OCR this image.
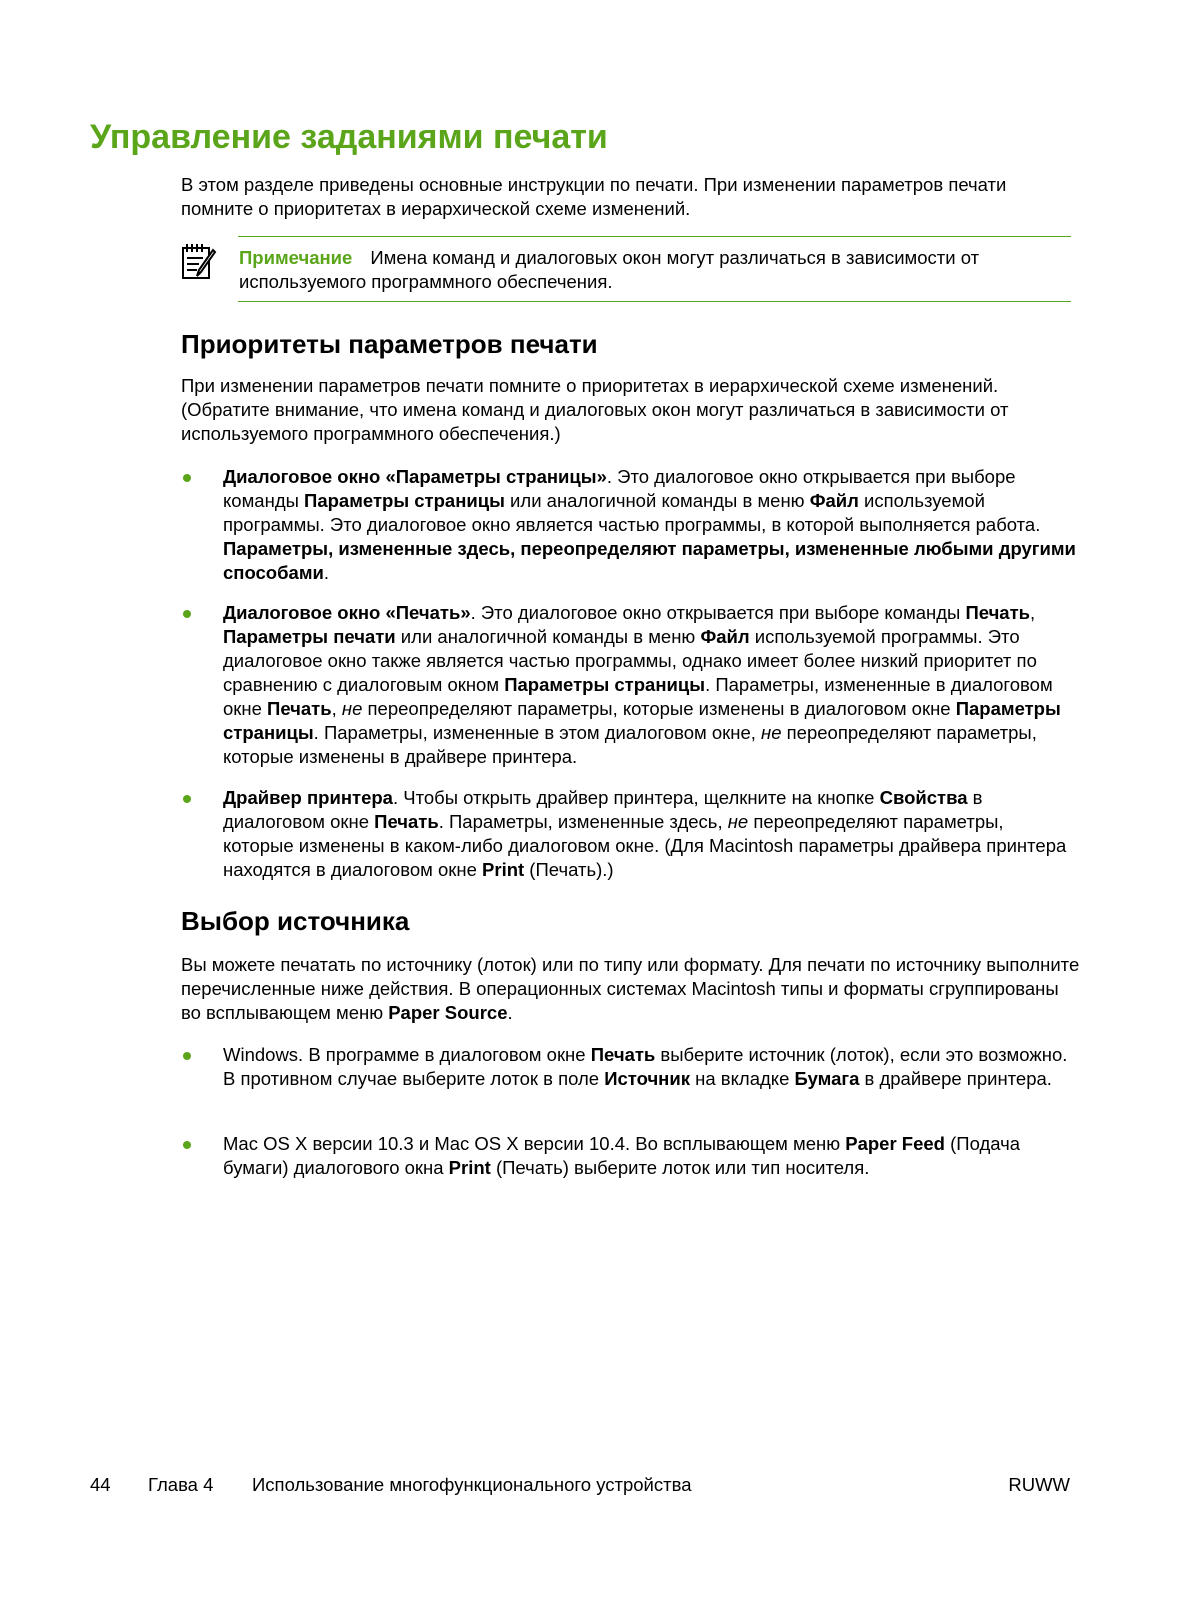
Управление заданиями печати

В этом разделе приведены основные инструкции по печати. При изменении параметров печати помните о приоритетах в иерархической схеме изменений.

Примечание Имена команд и диалоговых окон могут различаться в зависимости от используемого программного обеспечения.
Приоритеты параметров печати

При изменении параметров печати помните о приоритетах в иерархической схеме изменений. (Обратите внимание, что имена команд и диалоговых окон могут различаться в зависимости от используемого программного обеспечения.)

Диалоговое окно «Параметры страницы». Это диалоговое окно открывается при выборе команды Параметры страницы или аналогичной команды в меню Файл используемой программы. Это диалоговое окно является частью программы, в которой выполняется работа. Параметры, измененные здесь, переопределяют параметры, измененные любыми другими способами.
Диалоговое окно «Печать». Это диалоговое окно открывается при выборе команды Печать, Параметры печати или аналогичной команды в меню Файл используемой программы. Это диалоговое окно также является частью программы, однако имеет более низкий приоритет по сравнению с диалоговым окном Параметры страницы. Параметры, измененные в диалоговом окне Печать, не переопределяют параметры, которые изменены в диалоговом окне Параметры страницы. Параметры, измененные в этом диалоговом окне, не переопределяют параметры, которые изменены в драйвере принтера.
Драйвер принтера. Чтобы открыть драйвер принтера, щелкните на кнопке Свойства в диалоговом окне Печать. Параметры, измененные здесь, не переопределяют параметры, которые изменены в каком-либо диалоговом окне. (Для Macintosh параметры драйвера принтера находятся в диалоговом окне Print (Печать).)
Выбор источника

Вы можете печатать по источнику (лоток) или по типу или формату. Для печати по источнику выполните перечисленные ниже действия. В операционных системах Macintosh типы и форматы сгруппированы во всплывающем меню Paper Source.

Windows. В программе в диалоговом окне Печать выберите источник (лоток), если это возможно. В противном случае выберите лоток в поле Источник на вкладке Бумага в драйвере принтера.
Mac OS X версии 10.3 и Mac OS X версии 10.4. Во всплывающем меню Paper Feed (Подача бумаги) диалогового окна Print (Печать) выберите лоток или тип носителя.
44 Глава 4 Использование многофункционального устройства	RUWW
